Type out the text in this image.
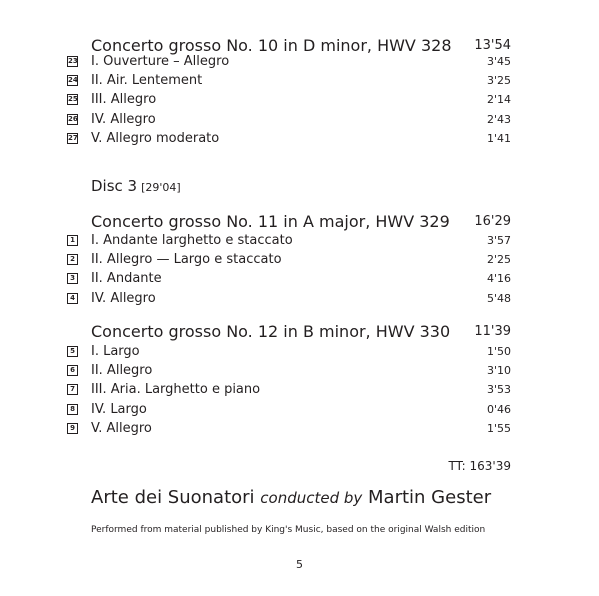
Concerto grosso No. 10 in D minor, HWV 328 13'54
23 I. Ouverture – Allegro	3'45
24 II. Air. Lentement	3'25
25 III. Allegro	2'14
26 IV. Allegro	2'43
27 V. Allegro moderato	1'41
Disc 3 [29'04]
Concerto grosso No. 11 in A major, HWV 329 16'29
1 I. Andante larghetto e staccato	3'57
2 II. Allegro — Largo e staccato	2'25
3 II. Andante	4'16
4 IV. Allegro	5'48
Concerto grosso No. 12 in B minor, HWV 330 11'39
5 I. Largo	1'50
6 II. Allegro	3'10
7 III. Aria. Larghetto e piano	3'53
8 IV. Largo	0'46
9 V. Allegro	1'55
TT: 163'39
Arte dei Suonatori conducted by Martin Gester
Performed from material published by King's Music, based on the original Walsh edition
5
